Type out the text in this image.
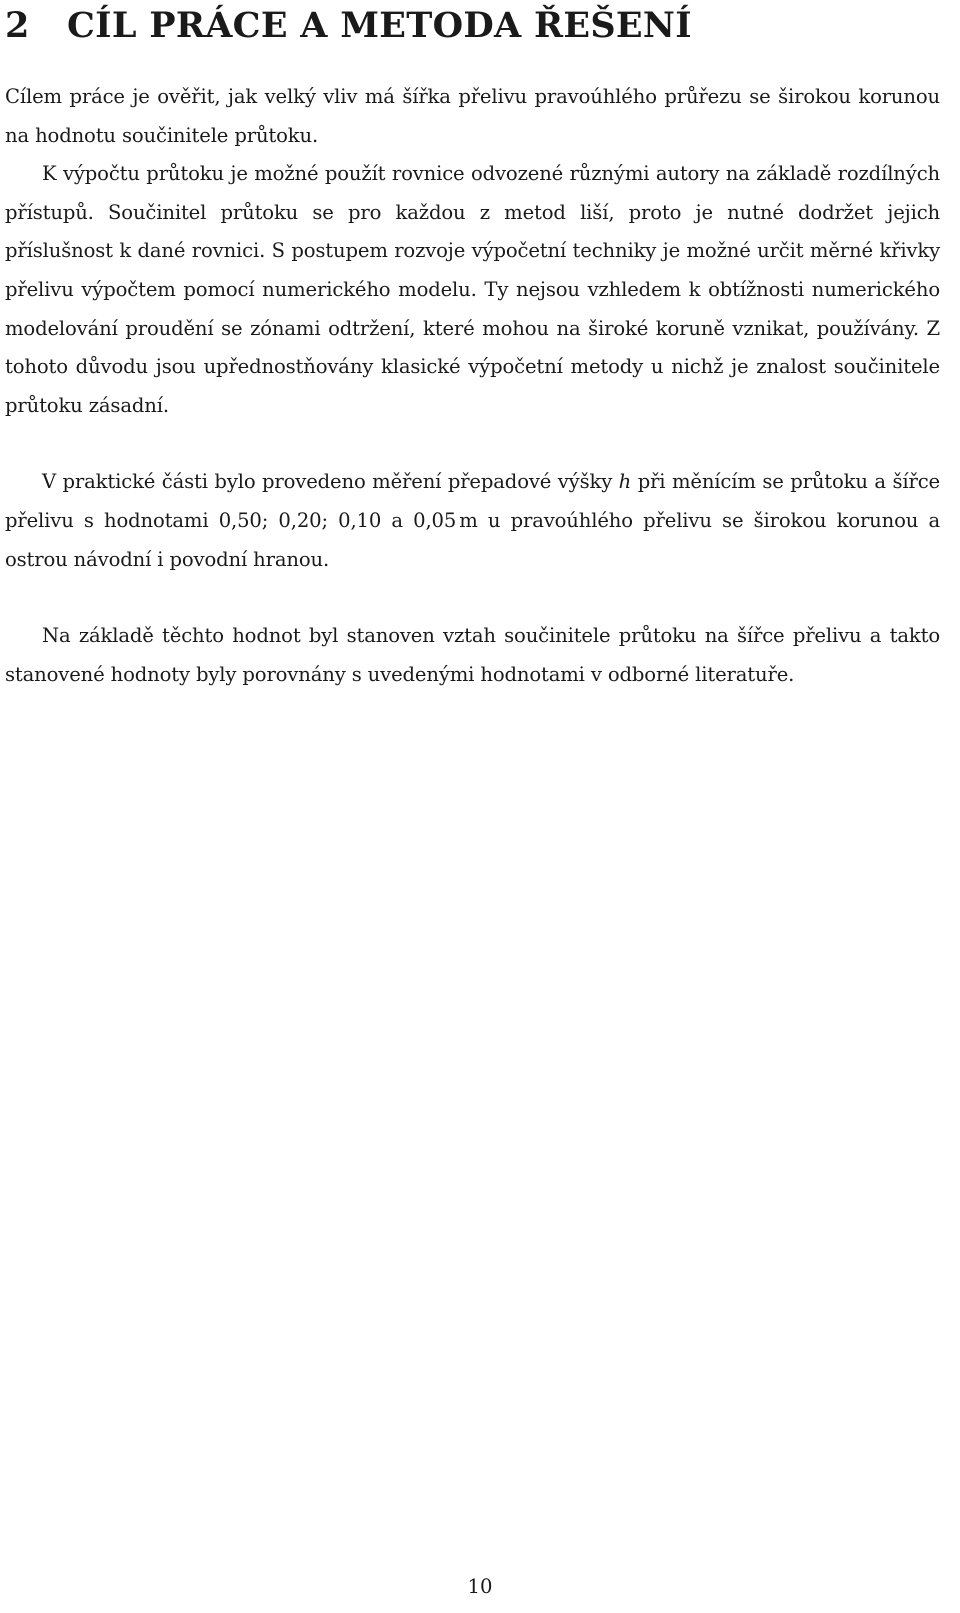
2 CÍL PRÁCE A METODA ŘEŠENÍ

Cílem práce je ověřit, jak velký vliv má šířka přelivu pravoúhlého průřezu se širokou korunou na hodnotu součinitele průtoku.

K výpočtu průtoku je možné použít rovnice odvozené různými autory na základě rozdílných přístupů. Součinitel průtoku se pro každou z metod liší, proto je nutné dodržet jejich příslušnost k dané rovnici. S postupem rozvoje výpočetní techniky je možné určit měrné křivky přelivu výpočtem pomocí numerického modelu. Ty nejsou vzhledem k obtížnosti numerického modelování proudění se zónami odtržení, které mohou na široké koruně vznikat, používány. Z tohoto důvodu jsou upřednostňovány klasické výpočetní metody u nichž je znalost součinitele průtoku zásadní.

V praktické části bylo provedeno měření přepadové výšky h při měnícím se průtoku a šířce přelivu s hodnotami 0,50; 0,20; 0,10 a 0,05 m u pravoúhlého přelivu se širokou korunou a ostrou návodní i povodní hranou.

Na základě těchto hodnot byl stanoven vztah součinitele průtoku na šířce přelivu a takto stanovené hodnoty byly porovnány s uvedenými hodnotami v odborné literatuře.

10
